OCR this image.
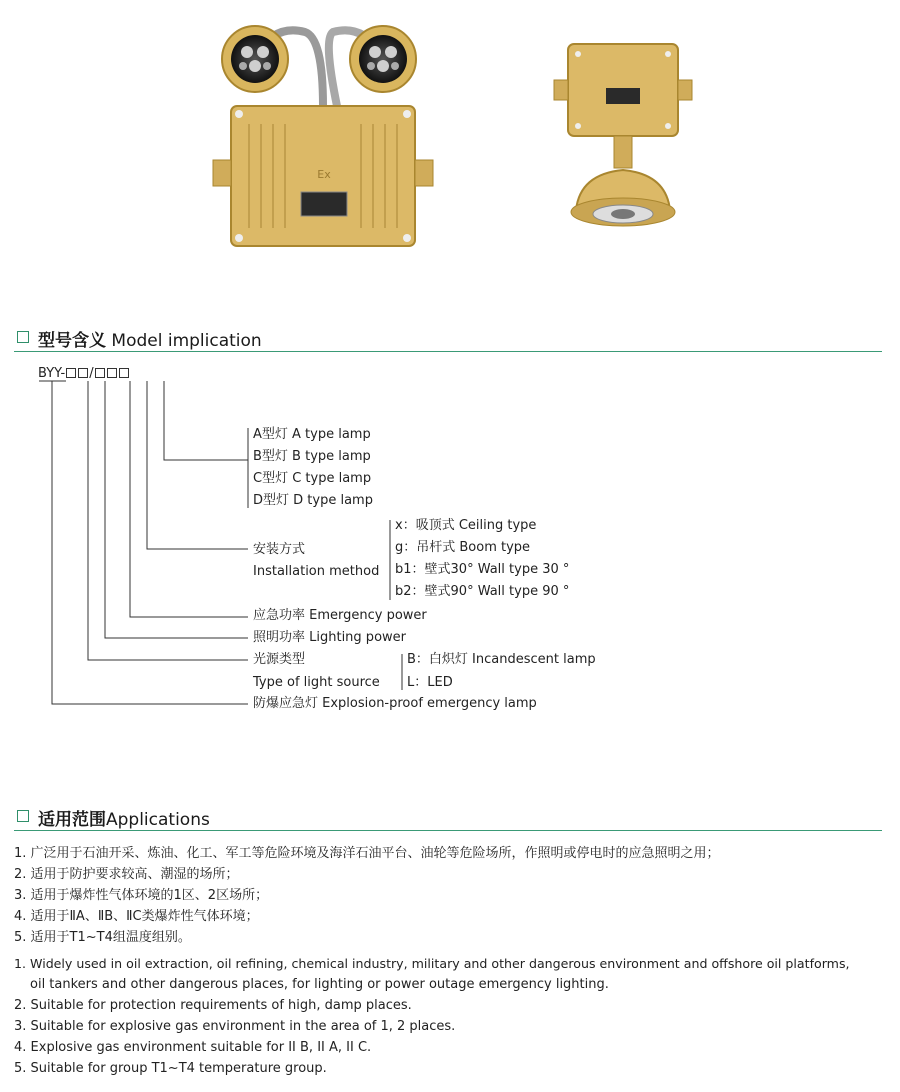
Ex
型号含义 Model implication
BYY- /
A型灯 A type lamp
B型灯 B type lamp
C型灯 C type lamp
D型灯 D type lamp
安装方式
Installation method
x：吸顶式 Ceiling type
g：吊杆式 Boom type
b1：壁式30° Wall type 30 °
b2：壁式90° Wall type 90 °
应急功率 Emergency power
照明功率 Lighting power
光源类型
Type of light source
B：白炽灯 Incandescent lamp
L：LED
防爆应急灯 Explosion-proof emergency lamp
适用范围Applications
1. 广泛用于石油开采、炼油、化工、军工等危险环境及海洋石油平台、油轮等危险场所，作照明或停电时的应急照明之用；
2. 适用于防护要求较高、潮湿的场所；
3. 适用于爆炸性气体环境的1区、2区场所；
4. 适用于ⅡA、ⅡB、ⅡC类爆炸性气体环境；
5. 适用于T1~T4组温度组别。
1. Widely used in oil extraction, oil refining, chemical industry, military and other dangerous environment and offshore oil platforms,
oil tankers and other dangerous places, for lighting or power outage emergency lighting.
2. Suitable for protection requirements of high, damp places.
3. Suitable for explosive gas environment in the area of 1, 2 places.
4. Explosive gas environment suitable for II B, II A, II C.
5. Suitable for group T1~T4 temperature group.
